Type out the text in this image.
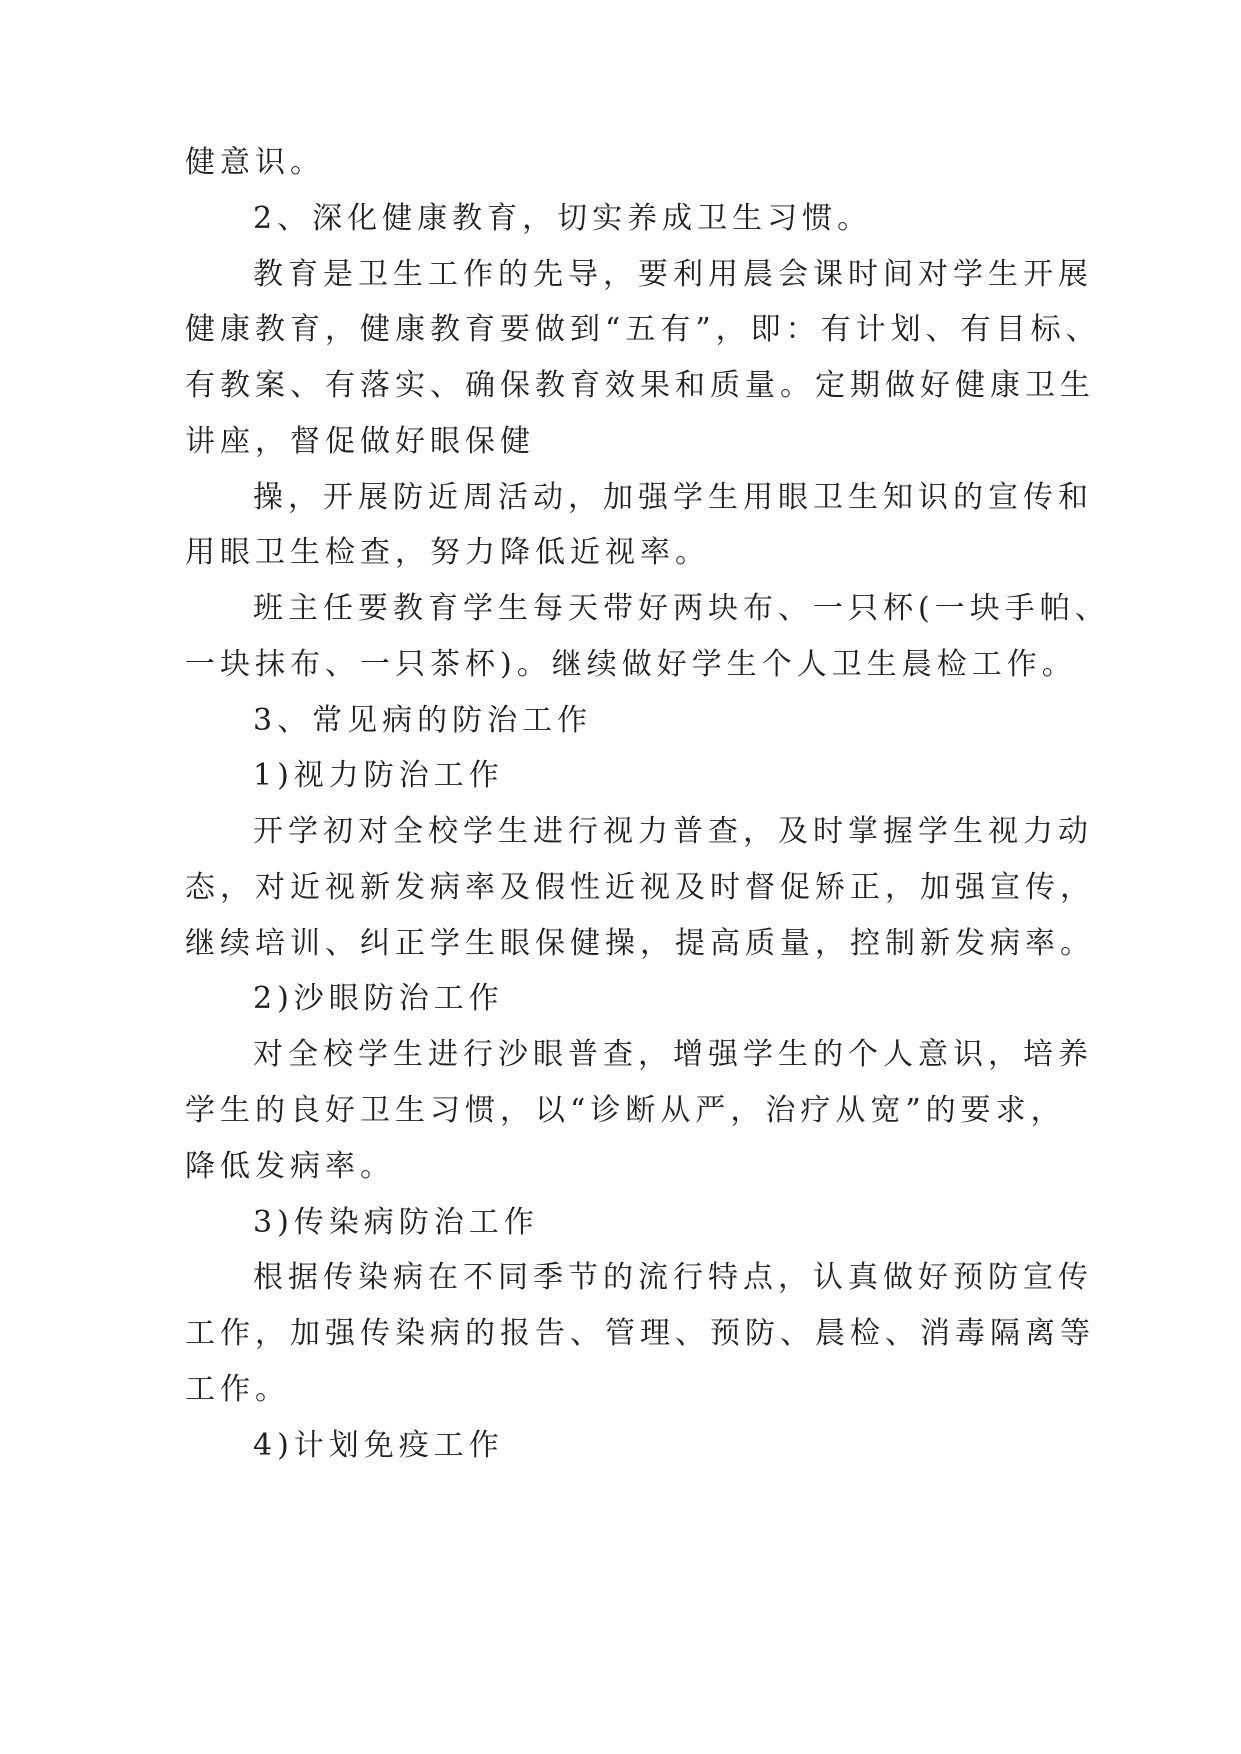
健意识。

2、深化健康教育，切实养成卫生习惯。

教育是卫生工作的先导，要利用晨会课时间对学生开展

健康教育，健康教育要做到“五有”，即：有计划、有目标、

有教案、有落实、确保教育效果和质量。定期做好健康卫生

讲座，督促做好眼保健

操，开展防近周活动，加强学生用眼卫生知识的宣传和

用眼卫生检查，努力降低近视率。

班主任要教育学生每天带好两块布、一只杯(一块手帕、

一块抹布、一只茶杯)。继续做好学生个人卫生晨检工作。

3、常见病的防治工作

1)视力防治工作

开学初对全校学生进行视力普查，及时掌握学生视力动

态，对近视新发病率及假性近视及时督促矫正，加强宣传，

继续培训、纠正学生眼保健操，提高质量，控制新发病率。

2)沙眼防治工作

对全校学生进行沙眼普查，增强学生的个人意识，培养

学生的良好卫生习惯，以“诊断从严，治疗从宽”的要求，

降低发病率。

3)传染病防治工作

根据传染病在不同季节的流行特点，认真做好预防宣传

工作，加强传染病的报告、管理、预防、晨检、消毒隔离等

工作。

4)计划免疫工作
